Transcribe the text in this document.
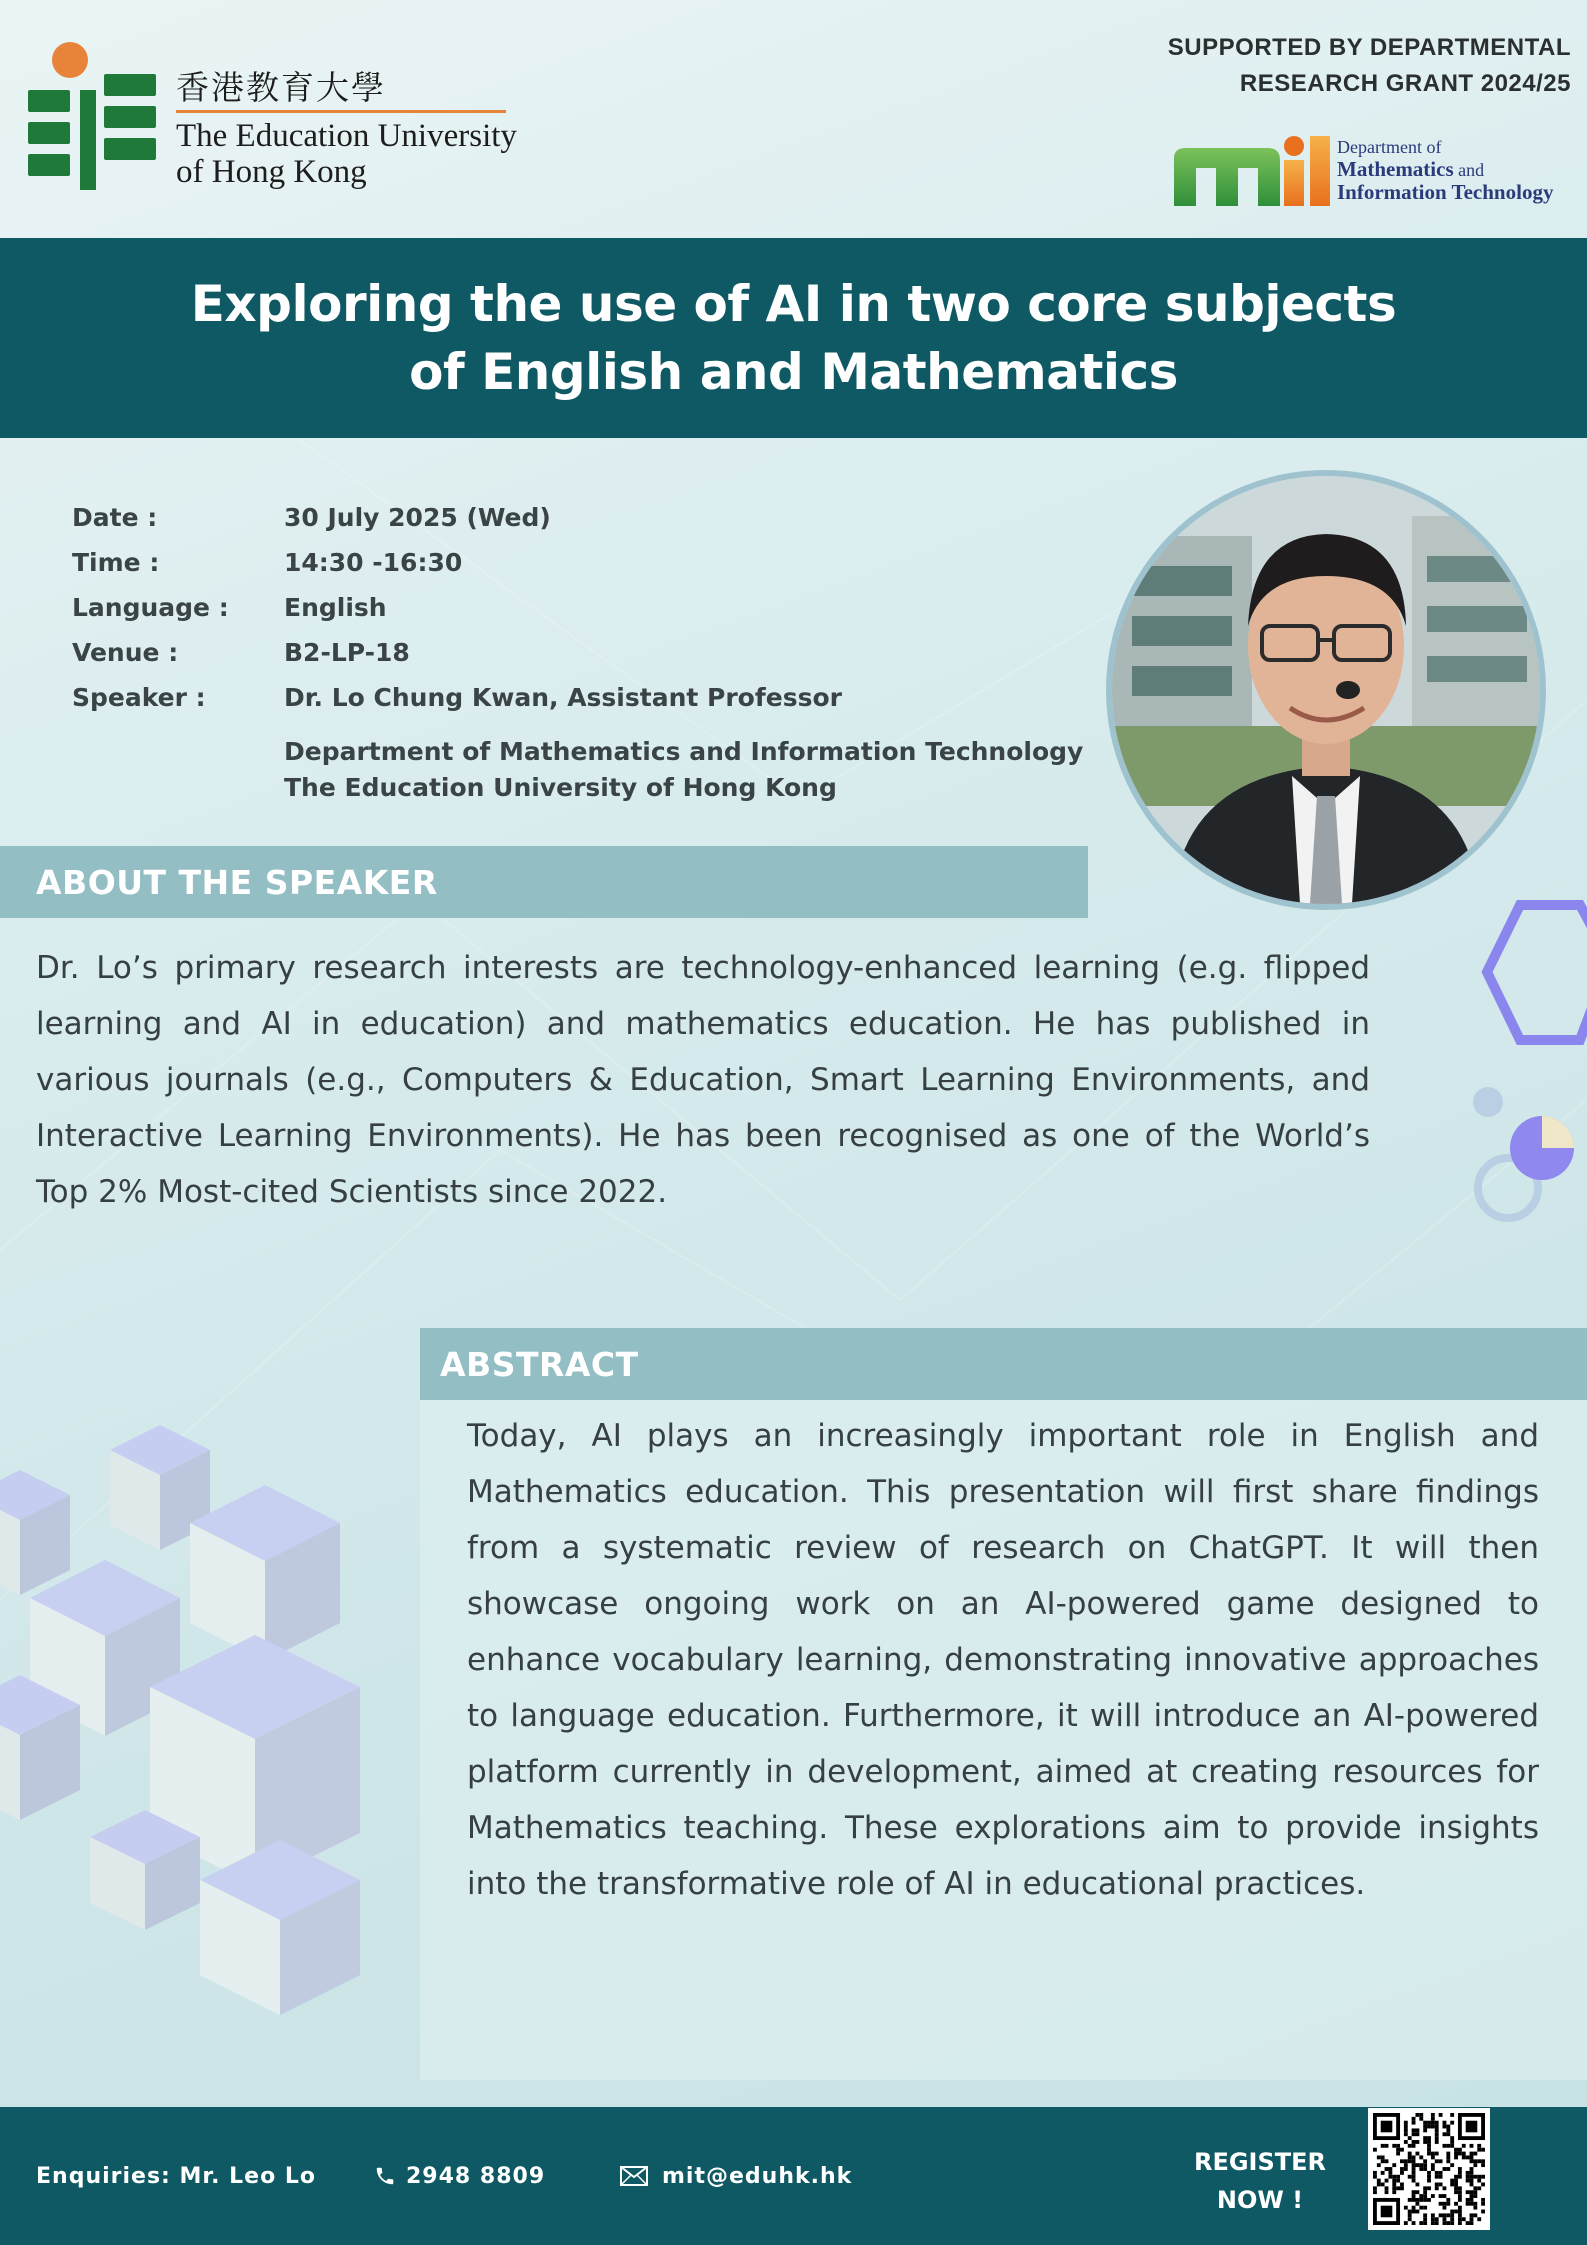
香港教育大學
The Education University
of Hong Kong
SUPPORTED BY DEPARTMENTAL
RESEARCH GRANT 2024/25
Department of
Mathematics and
Information Technology
Exploring the use of AI in two core subjects
of English and Mathematics
Date :	30 July 2025 (Wed)
Time :	14:30 -16:30
Language :	English
Venue :	B2-LP-18
Speaker :	Dr. Lo Chung Kwan, Assistant Professor
Department of Mathematics and Information Technology
The Education University of Hong Kong
ABOUT THE SPEAKER
Dr. Lo’s primary research interests are technology-enhanced learning (e.g. flipped learning and AI in education) and mathematics education. He has published in various journals (e.g., Computers & Education, Smart Learning Environments, and Interactive Learning Environments). He has been recognised as one of the World’s Top 2% Most-cited Scientists since 2022.
ABSTRACT
Today, AI plays an increasingly important role in English and Mathematics education. This presentation will first share findings from a systematic review of research on ChatGPT. It will then showcase ongoing work on an AI-powered game designed to enhance vocabulary learning, demonstrating innovative approaches to language education. Furthermore, it will introduce an AI-powered platform currently in development, aimed at creating resources for Mathematics teaching. These explorations aim to provide insights into the transformative role of AI in educational practices.
Enquiries: Mr. Leo Lo	2948 8809	mit@eduhk.hk	REGISTER
NOW !
